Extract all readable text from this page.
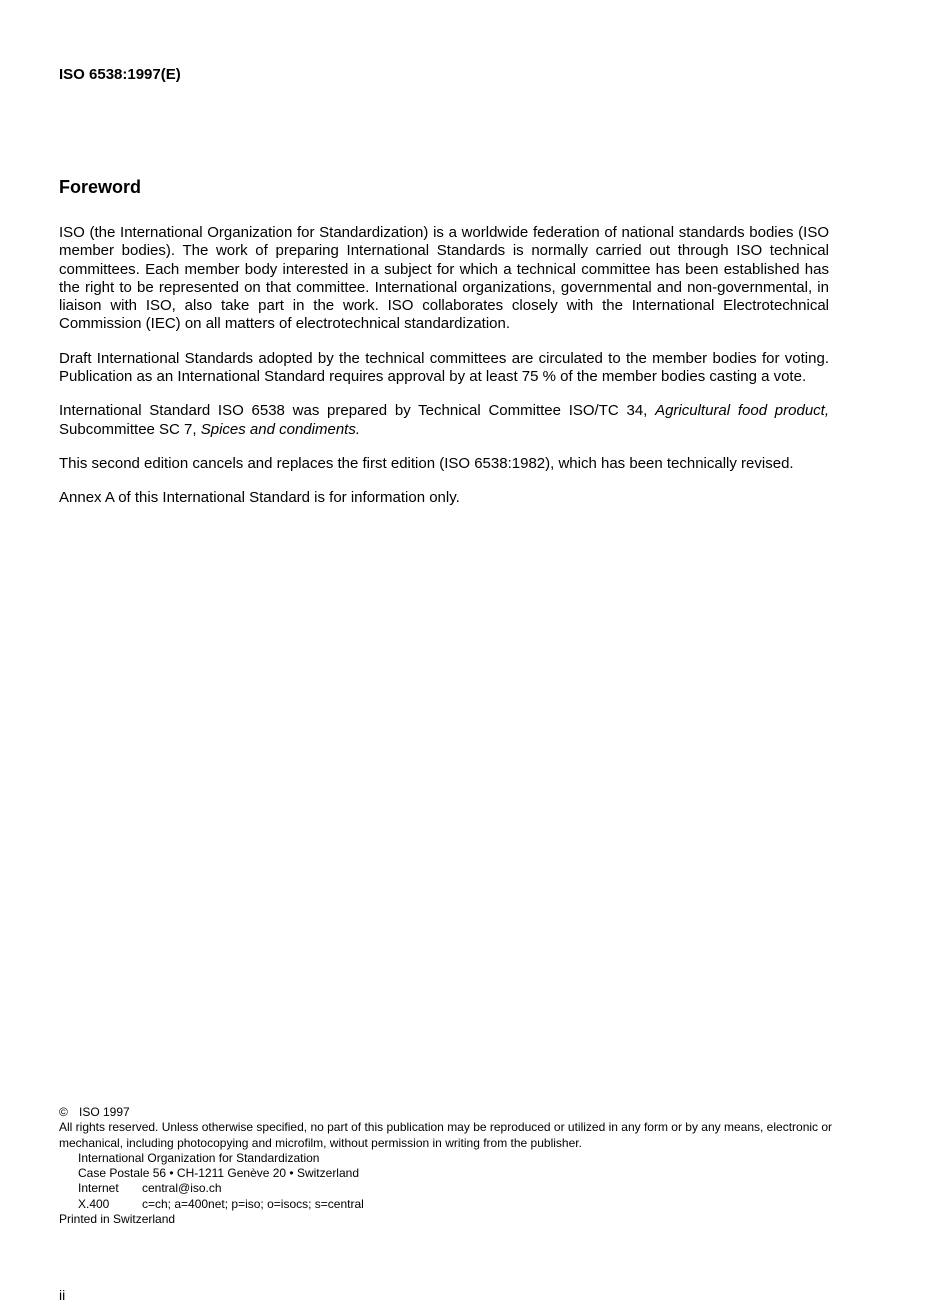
ISO 6538:1997(E)
Foreword

ISO (the International Organization for Standardization) is a worldwide federation of national standards bodies (ISO member bodies). The work of preparing International Standards is normally carried out through ISO technical committees. Each member body interested in a subject for which a technical committee has been established has the right to be represented on that committee. International organizations, governmental and non-governmental, in liaison with ISO, also take part in the work. ISO collaborates closely with the International Electrotechnical Commission (IEC) on all matters of electrotechnical standardization.

Draft International Standards adopted by the technical committees are circulated to the member bodies for voting. Publication as an International Standard requires approval by at least 75 % of the member bodies casting a vote.

International Standard ISO 6538 was prepared by Technical Committee ISO/TC 34, Agricultural food product, Subcommittee SC 7, Spices and condiments.

This second edition cancels and replaces the first edition (ISO 6538:1982), which has been technically revised.

Annex A of this International Standard is for information only.

© ISO 1997
All rights reserved. Unless otherwise specified, no part of this publication may be reproduced or utilized in any form or by any means, electronic or mechanical, including photocopying and microfilm, without permission in writing from the publisher.
International Organization for Standardization
Case Postale 56 • CH-1211 Genève 20 • Switzerland
Internet central@iso.ch
X.400	c=ch; a=400net; p=iso; o=isocs; s=central
Printed in Switzerland
ii
